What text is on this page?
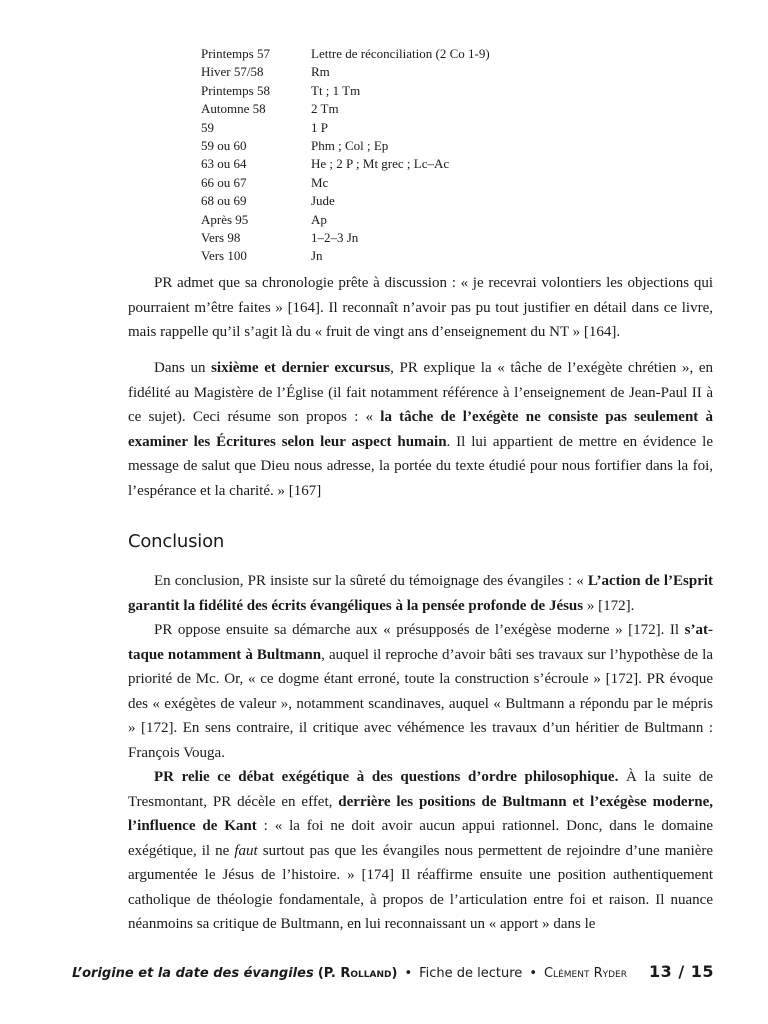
Printemps 57	Lettre de réconciliation (2 Co 1-9)
Hiver 57/58	Rm
Printemps 58	Tt ; 1 Tm
Automne 58	2 Tm
59	1 P
59 ou 60	Phm ; Col ; Ep
63 ou 64	He ; 2 P ; Mt grec ; Lc–Ac
66 ou 67	Mc
68 ou 69	Jude
Après 95	Ap
Vers 98	1–2–3 Jn
Vers 100	Jn

PR admet que sa chronologie prête à discussion : « je recevrai volontiers les objections qui pourraient m’être faites » [164]. Il reconnaît n’avoir pas pu tout justifier en détail dans ce livre, mais rappelle qu’il s’agit là du « fruit de vingt ans d’enseignement du NT » [164].

Dans un sixième et dernier excursus, PR explique la « tâche de l’exégète chrétien », en fidélité au Magistère de l’Église (il fait notamment référence à l’enseignement de Jean-Paul II à ce sujet). Ceci résume son propos : « la tâche de l’exégète ne consiste pas seulement à examiner les Écritures selon leur aspect humain. Il lui appartient de mettre en évidence le message de salut que Dieu nous adresse, la portée du texte étudié pour nous fortifier dans la foi, l’espérance et la charité. » [167]

Conclusion

En conclusion, PR insiste sur la sûreté du témoignage des évangiles : « L’action de l’Esprit garantit la fidélité des écrits évangéliques à la pensée profonde de Jésus » [172].

PR oppose ensuite sa démarche aux « présupposés de l’exégèse moderne » [172]. Il s’attaque notamment à Bultmann, auquel il reproche d’avoir bâti ses travaux sur l’hypothèse de la priorité de Mc. Or, « ce dogme étant erroné, toute la construction s’écroule » [172]. PR évoque des « exégètes de valeur », notamment scandinaves, auquel « Bultmann a répondu par le mépris » [172]. En sens contraire, il critique avec véhémence les travaux d’un héritier de Bultmann : François Vouga.

PR relie ce débat exégétique à des questions d’ordre philosophique. À la suite de Tresmontant, PR décèle en effet, derrière les positions de Bultmann et l’exégèse moderne, l’influence de Kant : « la foi ne doit avoir aucun appui rationnel. Donc, dans le domaine exégétique, il ne faut surtout pas que les évangiles nous permettent de rejoindre d’une manière argumentée le Jésus de l’histoire. » [174] Il réaffirme ensuite une position authentiquement catholique de théologie fondamentale, à propos de l’articulation entre foi et raison. Il nuance néanmoins sa critique de Bultmann, en lui reconnaissant un « apport » dans le

L’origine et la date des évangiles
(P. Rolland) • Fiche de lecture • Clément Ryder 13 / 15
